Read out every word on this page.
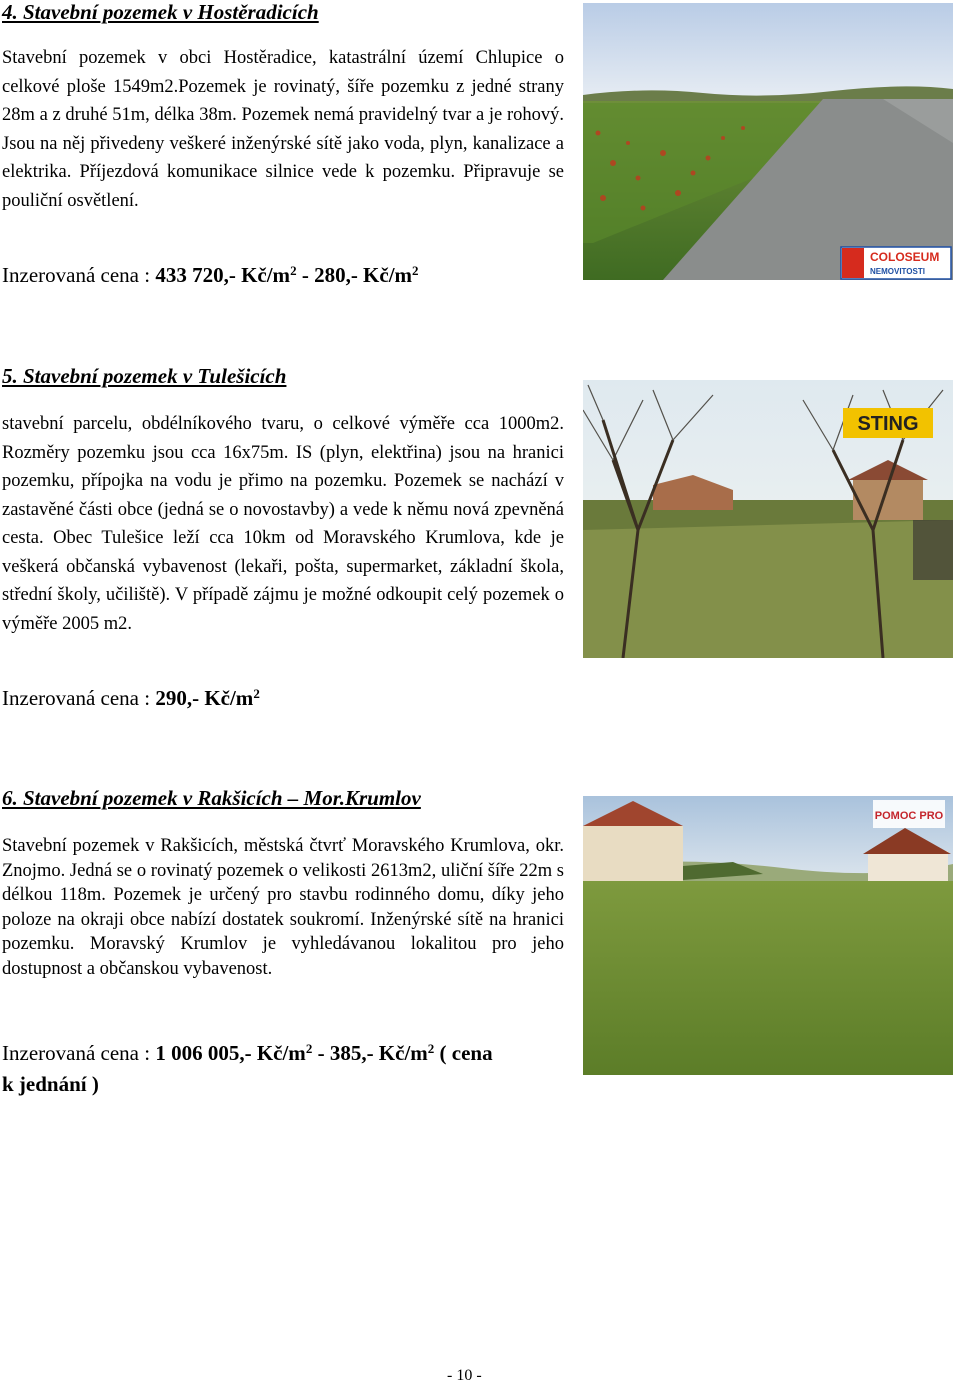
4. Stavební pozemek v Hostěradicích
Stavební pozemek v obci Hostěradice, katastrální území Chlupice o celkové ploše 1549m2.Pozemek je rovinatý, šíře pozemku z jedné strany 28m a z druhé 51m, délka 38m. Pozemek nemá pravidelný tvar a je rohový. Jsou na něj přivedeny veškeré inženýrské sítě jako voda, plyn, kanalizace a elektrika. Příjezdová komunikace silnice vede k pozemku. Připravuje se pouliční osvětlení.
Inzerovaná cena : 433 720,- $Kč/m^2 - 280,-$ $Kč/m^2$
COLOSEUM
NEMOVITOSTI
5. Stavební pozemek v Tulešicích
stavební parcelu, obdélníkového tvaru, o celkové výměře cca 1000m2. Rozměry pozemku jsou cca 16x75m. IS (plyn, elektřina) jsou na hranici pozemku, přípojka na vodu je přimo na pozemku. Pozemek se nachází v zastavěné části obce (jedná se o novostavby) a vede k němu nová zpevněná cesta. Obec Tulešice leží cca 10km od Moravského Krumlova, kde je veškerá občanská vybavenost (lekaři, pošta, supermarket, základní škola, střední školy, učiliště). V případě zájmu je možné odkoupit celý pozemek o výměře 2005 m2.
Inzerovaná cena : 290,- $Kč/m^2$
STING
6. Stavební pozemek v Rakšicích – Mor.Krumlov
Stavební pozemek v Rakšicích, městská čtvrť Moravského Krumlova, okr. Znojmo. Jedná se o rovinatý pozemek o velikosti 2613m2, uliční šíře 22m s délkou 118m. Pozemek je určený pro stavbu rodinného domu, díky jeho poloze na okraji obce nabízí dostatek soukromí. Inženýrské sítě na hranici pozemku. Moravský Krumlov je vyhledávanou lokalitou pro jeho dostupnost a občanskou vybavenost.
Inzerovaná cena : 1 006 005,- $Kč/m^2 - 385,-$ $Kč/m^2$ ( cena
k jednání )
POMOC PRO
- 10 -
